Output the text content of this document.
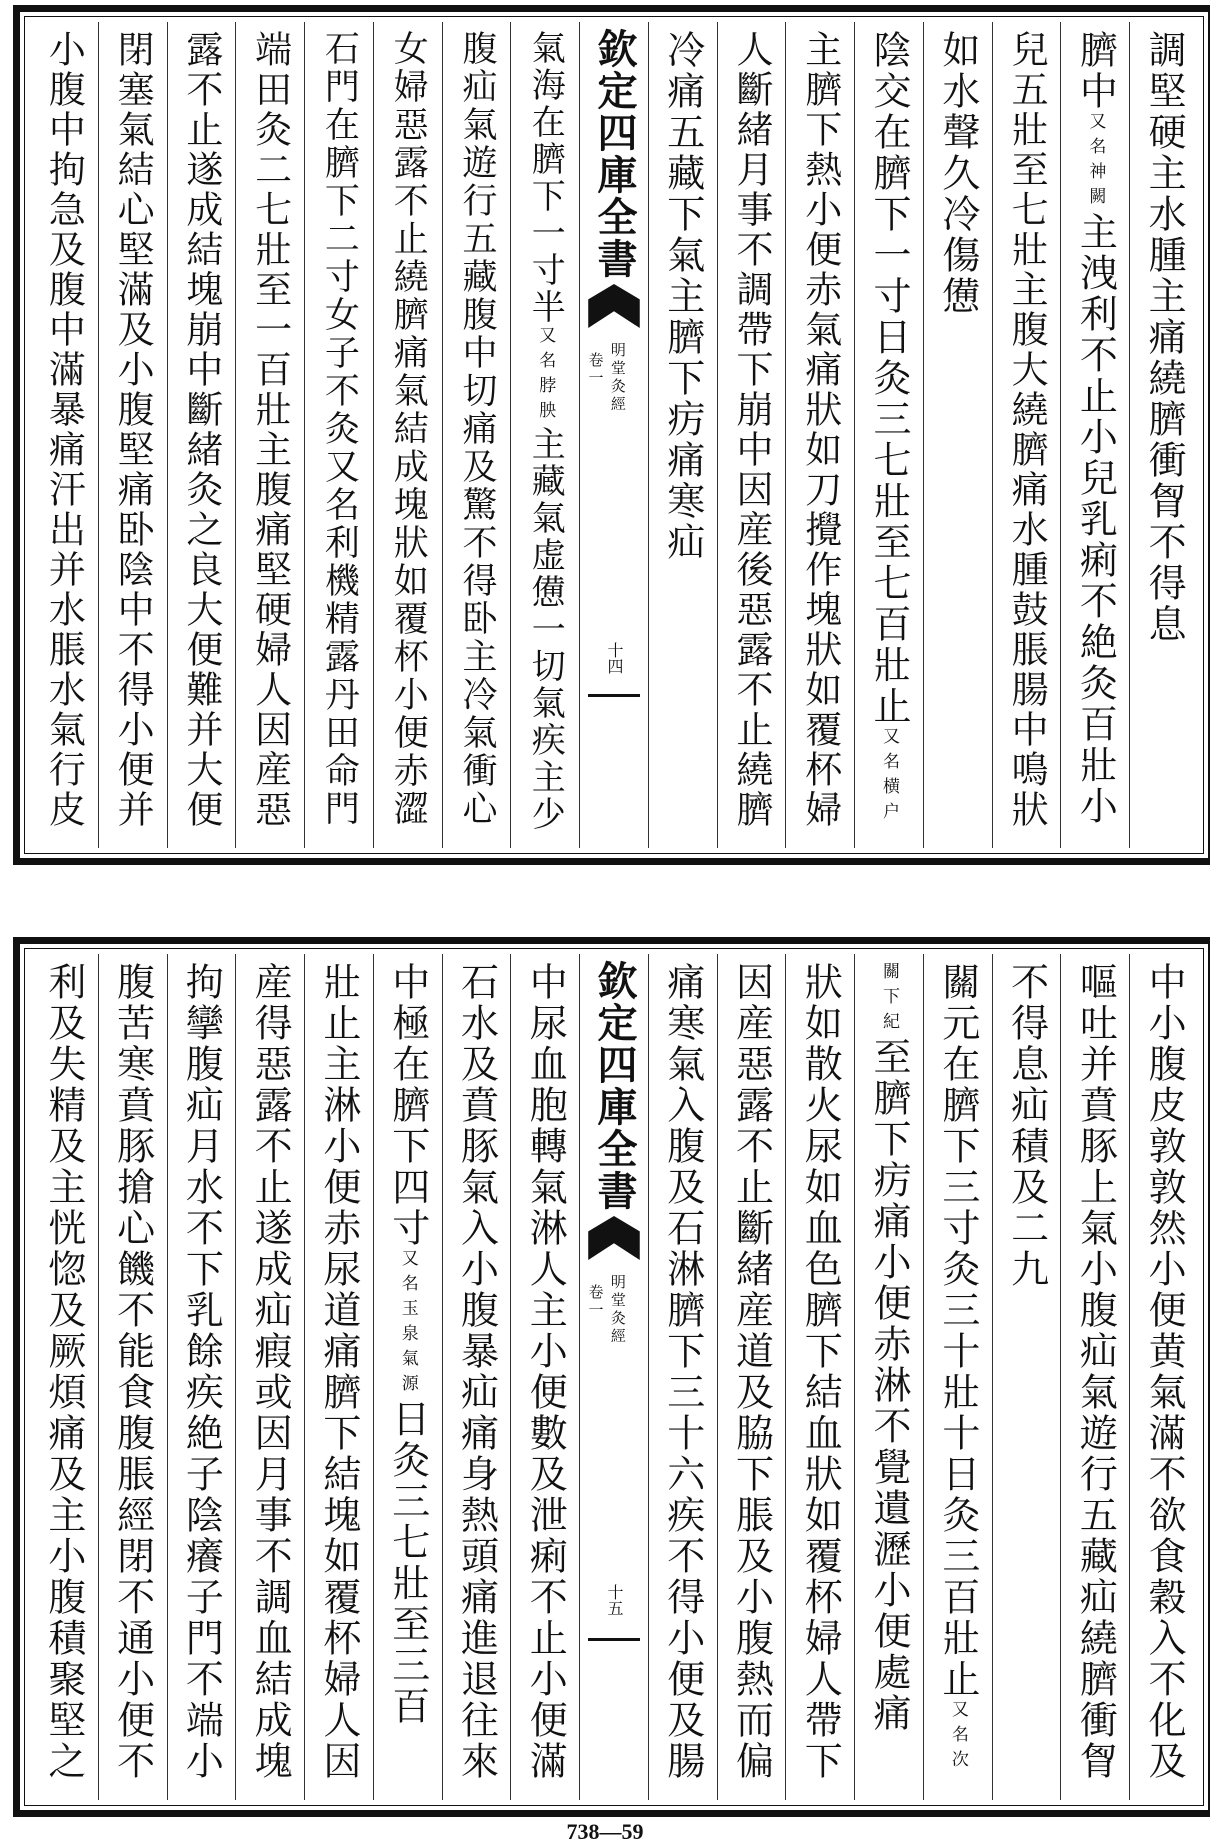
調堅硬主水腫主痛繞臍衝胷不得息
臍中又名神闕主洩利不止小兒乳痢不絶灸百壯小
兒五壯至七壯主腹大繞臍痛水腫鼓脹腸中鳴狀
如水聲久冷傷憊
陰交在臍下一寸日灸三七壯至七百壯止又名横户
主臍下熱小便赤氣痛狀如刀攪作塊狀如覆杯婦
人斷緒月事不調帶下崩中因産後惡露不止繞臍
冷痛五藏下氣主臍下疠痛寒疝
欽定四庫全書
明堂灸經
卷一
十四
氣海在臍下一寸半又名脖胦主藏氣虚憊一切氣疾主少
腹疝氣遊行五藏腹中切痛及驚不得卧主冷氣衝心
女婦惡露不止繞臍痛氣結成塊狀如覆杯小便赤澀
石門在臍下二寸女子不灸又名利機精露丹田命門
端田灸二七壯至一百壯主腹痛堅硬婦人因産惡
露不止遂成結塊崩中斷緒灸之良大便難并大便
閉塞氣結心堅滿及小腹堅痛卧陰中不得小便并
小腹中拘急及腹中滿暴痛汗出并水脹水氣行皮
中小腹皮敦敦然小便黄氣滿不欲食穀入不化及
嘔吐并賁豚上氣小腹疝氣遊行五藏疝繞臍衝胷
不得息疝積及二九
關元在臍下三寸灸三十壯十日灸三百壯止又名次
關下紀至臍下疠痛小便赤淋不覺遺瀝小便處痛
狀如散火尿如血色臍下結血狀如覆杯婦人帶下
因産惡露不止斷緒産道及脇下脹及小腹熱而偏
痛寒氣入腹及石淋臍下三十六疾不得小便及腸
欽定四庫全書
明堂灸經
卷一
十五
中尿血胞轉氣淋人主小便數及泄痢不止小便滿
石水及賁豚氣入小腹暴疝痛身熱頭痛進退往來
中極在臍下四寸又名玉泉氣源日灸三七壯至三百
壯止主淋小便赤尿道痛臍下結塊如覆杯婦人因
産得惡露不止遂成疝瘕或因月事不調血結成塊
拘攣腹疝月水不下乳餘疾絶子陰癢子門不端小
腹苦寒賁豚搶心饑不能食腹脹經閉不通小便不
利及失精及主恍惚及厥煩痛及主小腹積聚堅之
738—59
